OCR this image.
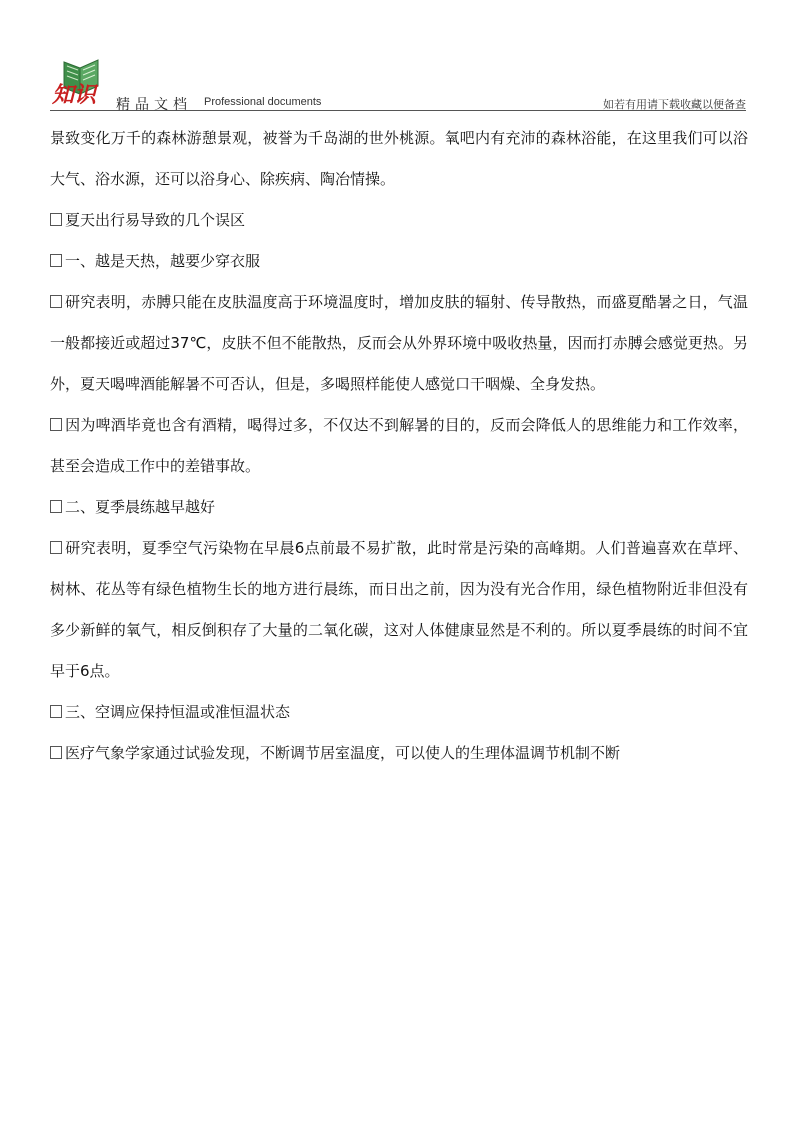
知识 精品文档 Professional documents	如若有用请下载收藏以便备查

景致变化万千的森林游憩景观，被誉为千岛湖的世外桃源。氧吧内有充沛的森林浴能，在这里我们可以浴大气、浴水源，还可以浴身心、除疾病、陶冶情操。

夏天出行易导致的几个误区

一、越是天热，越要少穿衣服

研究表明，赤膊只能在皮肤温度高于环境温度时，增加皮肤的辐射、传导散热，而盛夏酷暑之日，气温一般都接近或超过37℃，皮肤不但不能散热，反而会从外界环境中吸收热量，因而打赤膊会感觉更热。另外，夏天喝啤酒能解暑不可否认，但是，多喝照样能使人感觉口干咽燥、全身发热。

因为啤酒毕竟也含有酒精，喝得过多，不仅达不到解暑的目的，反而会降低人的思维能力和工作效率，甚至会造成工作中的差错事故。

二、夏季晨练越早越好

研究表明，夏季空气污染物在早晨6点前最不易扩散，此时常是污染的高峰期。人们普遍喜欢在草坪、树林、花丛等有绿色植物生长的地方进行晨练，而日出之前，因为没有光合作用，绿色植物附近非但没有多少新鲜的氧气，相反倒积存了大量的二氧化碳，这对人体健康显然是不利的。所以夏季晨练的时间不宜早于6点。

三、空调应保持恒温或准恒温状态

医疗气象学家通过试验发现，不断调节居室温度，可以使人的生理体温调节机制不断
